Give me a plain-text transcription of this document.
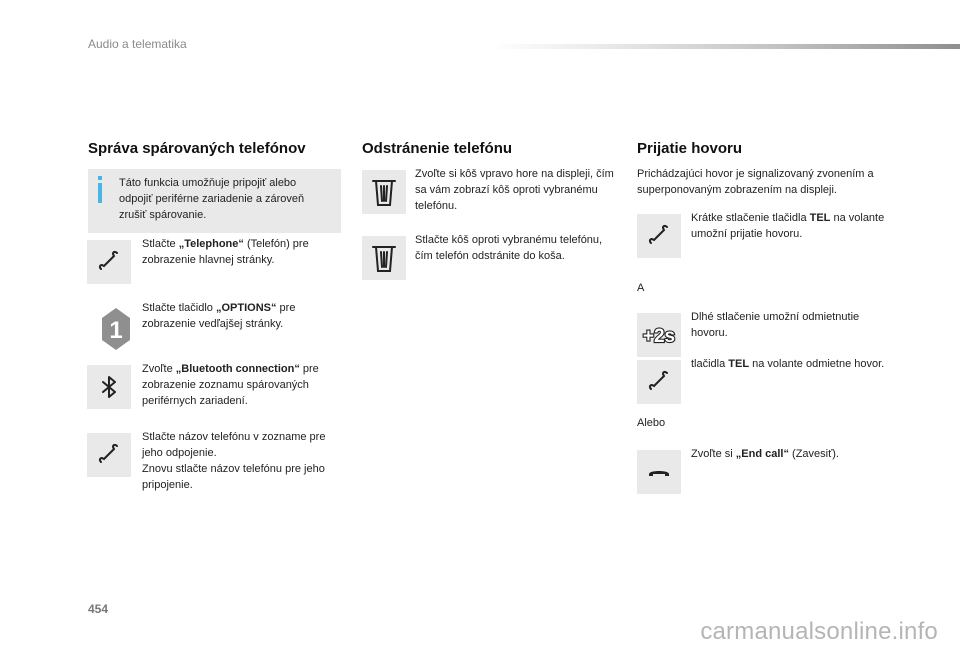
Audio a telematika
Správa spárovaných telefónov
Táto funkcia umožňuje pripojiť alebo odpojiť periférne zariadenie a zároveň zrušiť spárovanie.
Stlačte „Telephone“ (Telefón) pre zobrazenie hlavnej stránky.
1
Stlačte tlačidlo „OPTIONS“ pre zobrazenie vedľajšej stránky.
Zvoľte „Bluetooth connection“ pre zobrazenie zoznamu spárovaných periférnych zariadení.
Stlačte názov telefónu v zozname pre jeho odpojenie.
Znovu stlačte názov telefónu pre jeho pripojenie.
Odstránenie telefónu
Zvoľte si kôš vpravo hore na displeji, čím sa vám zobrazí kôš oproti vybranému telefónu.
Stlačte kôš oproti vybranému telefónu, čím telefón odstránite do koša.
Prijatie hovoru
Prichádzajúci hovor je signalizovaný zvonením a superponovaným zobrazením na displeji.
Krátke stlačenie tlačidla TEL na volante umožní prijatie hovoru.
A
+2s
Dlhé stlačenie umožní odmietnutie hovoru.
tlačidla TEL na volante odmietne hovor.
Alebo
Zvoľte si „End call“ (Zavesiť).
454
carmanualsonline.info
